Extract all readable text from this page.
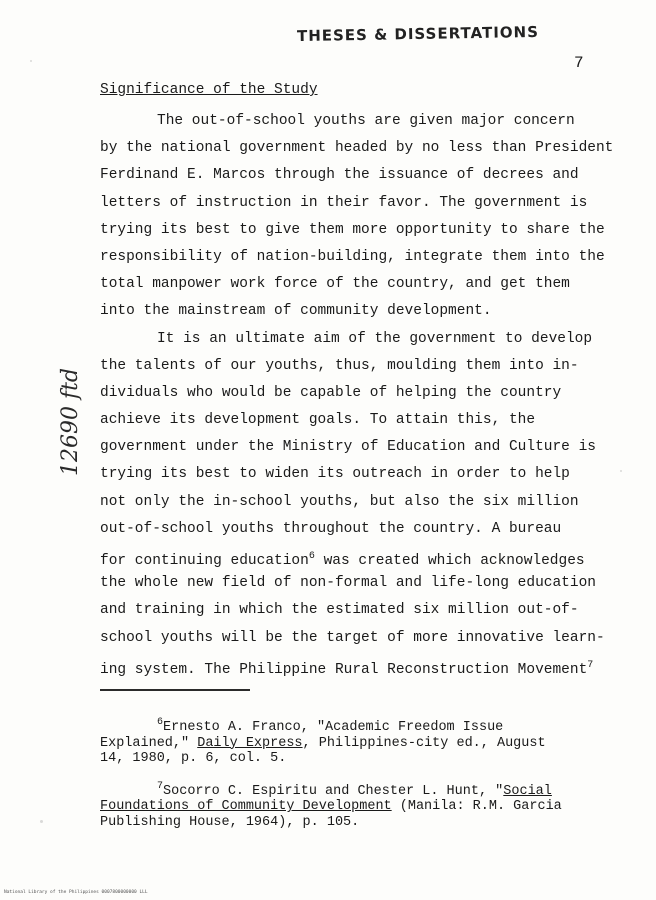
THESES & DISSERTATIONS
7
Significance of the Study
The out-of-school youths are given major concern
by the national government headed by no less than President
Ferdinand E. Marcos through the issuance of decrees and
letters of instruction in their favor. The government is
trying its best to give them more opportunity to share the
responsibility of nation-building, integrate them into the
total manpower work force of the country, and get them
into the mainstream of community development.
It is an ultimate aim of the government to develop
the talents of our youths, thus, moulding them into in-
dividuals who would be capable of helping the country
achieve its development goals. To attain this, the
government under the Ministry of Education and Culture is
trying its best to widen its outreach in order to help
not only the in-school youths, but also the six million
out-of-school youths throughout the country. A bureau
for continuing education$^6$ was created which acknowledges
the whole new field of non-formal and life-long education
and training in which the estimated six million out-of-
school youths will be the target of more innovative learn-
ing system. The Philippine Rural Reconstruction Movement$^7$
12690 ftd
$^6$Ernesto A. Franco, "Academic Freedom Issue
Explained," Daily Express, Philippines-city ed., August
14, 1980, p. 6, col. 5.
$^7$Socorro C. Espiritu and Chester L. Hunt, "Social
Foundations of Community Development (Manila: R.M. Garcia
Publishing House, 1964), p. 105.
National Library of the Philippines 0007800000000 LLL
